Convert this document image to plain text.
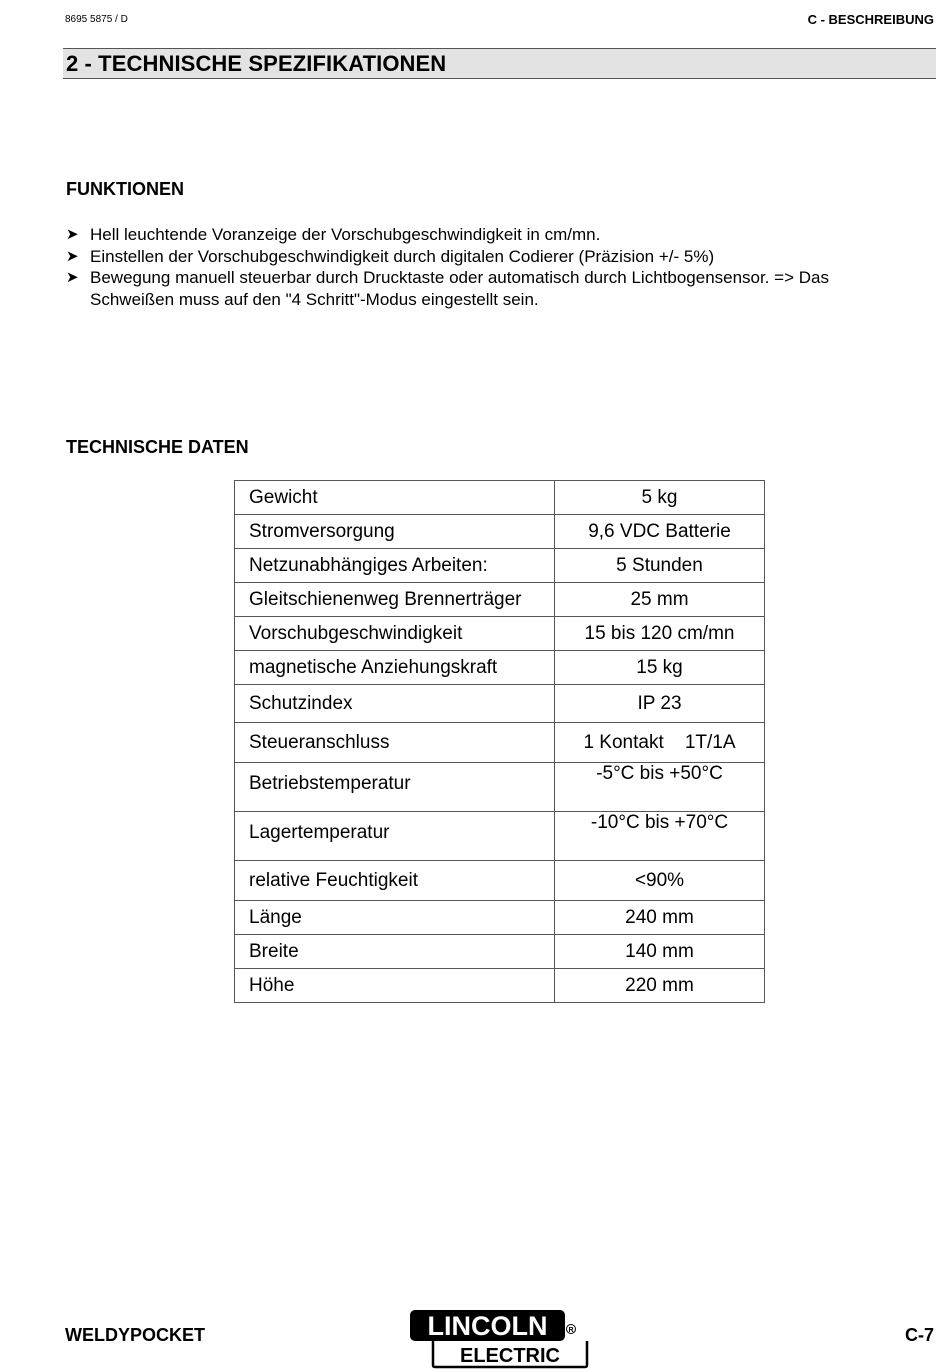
8695 5875 / D	C - BESCHREIBUNG
2 - TECHNISCHE SPEZIFIKATIONEN
FUNKTIONEN
➤ Hell leuchtende Voranzeige der Vorschubgeschwindigkeit in cm/mn.
➤ Einstellen der Vorschubgeschwindigkeit durch digitalen Codierer (Präzision +/- 5%)
➤ Bewegung manuell steuerbar durch Drucktaste oder automatisch durch Lichtbogensensor. => Das Schweißen muss auf den "4 Schritt"-Modus eingestellt sein.
TECHNISCHE DATEN
Gewicht	5 kg
Stromversorgung	9,6 VDC Batterie
Netzunabhängiges Arbeiten:	5 Stunden
Gleitschienenweg Brennerträger	25 mm
Vorschubgeschwindigkeit	15 bis 120 cm/mn
magnetische Anziehungskraft	15 kg
Schutzindex	IP 23
Steueranschluss	1 Kontakt    1T/1A
Betriebstemperatur	-5°C bis +50°C
Lagertemperatur	-10°C bis +70°C
relative Feuchtigkeit	<90%
Länge	240 mm
Breite	140 mm
Höhe	220 mm
WELDYPOCKET	LINCOLN	R
ELECTRIC
C-7
